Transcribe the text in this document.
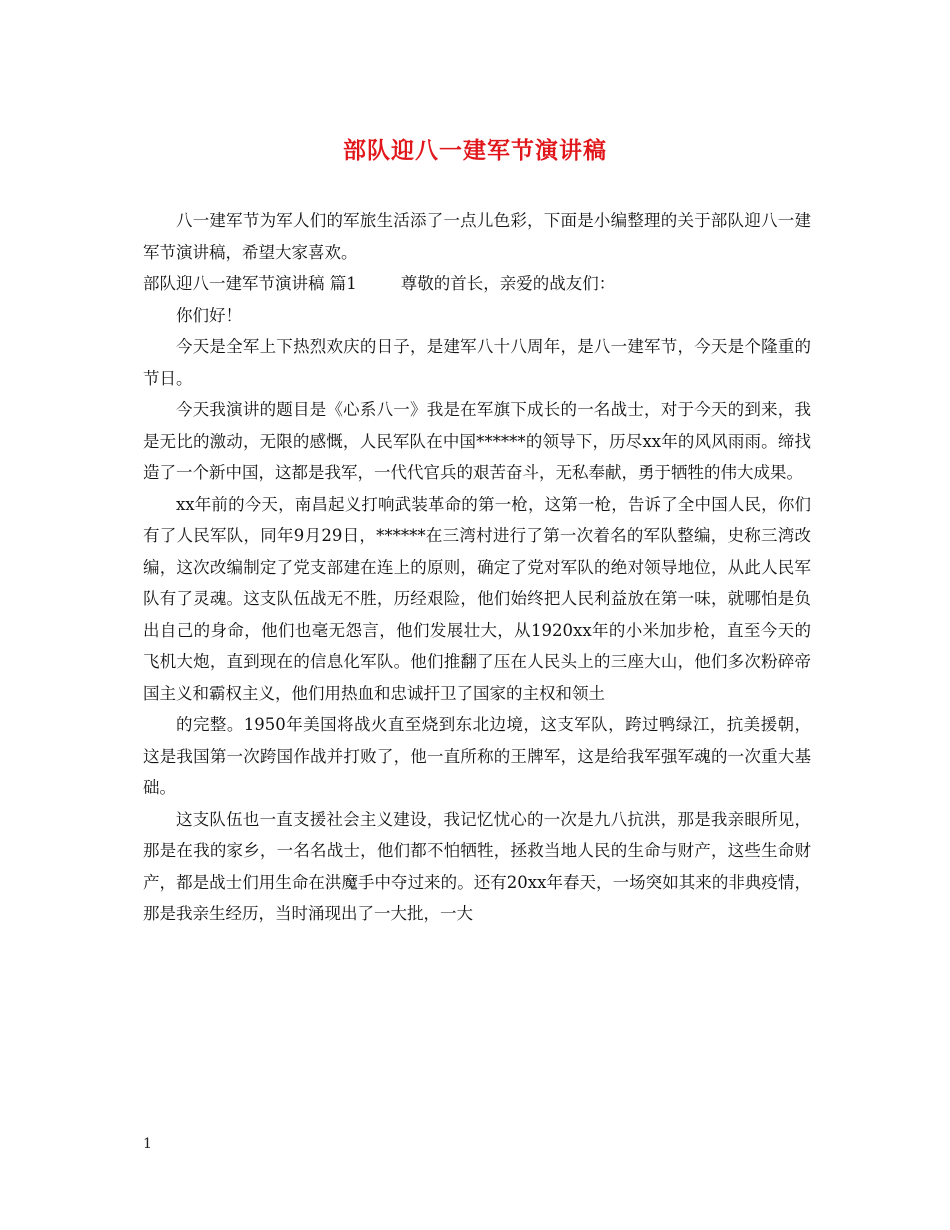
部队迎八一建军节演讲稿

八一建军节为军人们的军旅生活添了一点儿色彩，下面是小编整理的关于部队迎八一建军节演讲稿，希望大家喜欢。

部队迎八一建军节演讲稿 篇1	尊敬的首长，亲爱的战友们：

你们好！

今天是全军上下热烈欢庆的日子，是建军八十八周年，是八一建军节，今天是个隆重的节日。

今天我演讲的题目是《心系八一》我是在军旗下成长的一名战士，对于今天的到来，我是无比的激动，无限的感慨，人民军队在中国******的领导下，历尽xx年的风风雨雨。缔找造了一个新中国，这都是我军，一代代官兵的艰苦奋斗，无私奉献，勇于牺牲的伟大成果。

xx年前的今天，南昌起义打响武装革命的第一枪，这第一枪，告诉了全中国人民，你们有了人民军队，同年9月29日，******在三湾村进行了第一次着名的军队整编，史称三湾改编，这次改编制定了党支部建在连上的原则，确定了党对军队的绝对领导地位，从此人民军队有了灵魂。这支队伍战无不胜，历经艰险，他们始终把人民利益放在第一味，就哪怕是负出自己的身命，他们也毫无怨言，他们发展壮大，从1920xx年的小米加步枪，直至今天的飞机大炮，直到现在的信息化军队。他们推翻了压在人民头上的三座大山，他们多次粉碎帝国主义和霸权主义，他们用热血和忠诚扞卫了国家的主权和领土

的完整。1950年美国将战火直至烧到东北边境，这支军队，跨过鸭绿江，抗美援朝，这是我国第一次跨国作战并打败了，他一直所称的王牌军，这是给我军强军魂的一次重大基础。

这支队伍也一直支援社会主义建设，我记忆忧心的一次是九八抗洪，那是我亲眼所见，那是在我的家乡，一名名战士，他们都不怕牺牲，拯救当地人民的生命与财产，这些生命财产，都是战士们用生命在洪魔手中夺过来的。还有20xx年春天，一场突如其来的非典疫情，那是我亲生经历，当时涌现出了一大批，一大

1
